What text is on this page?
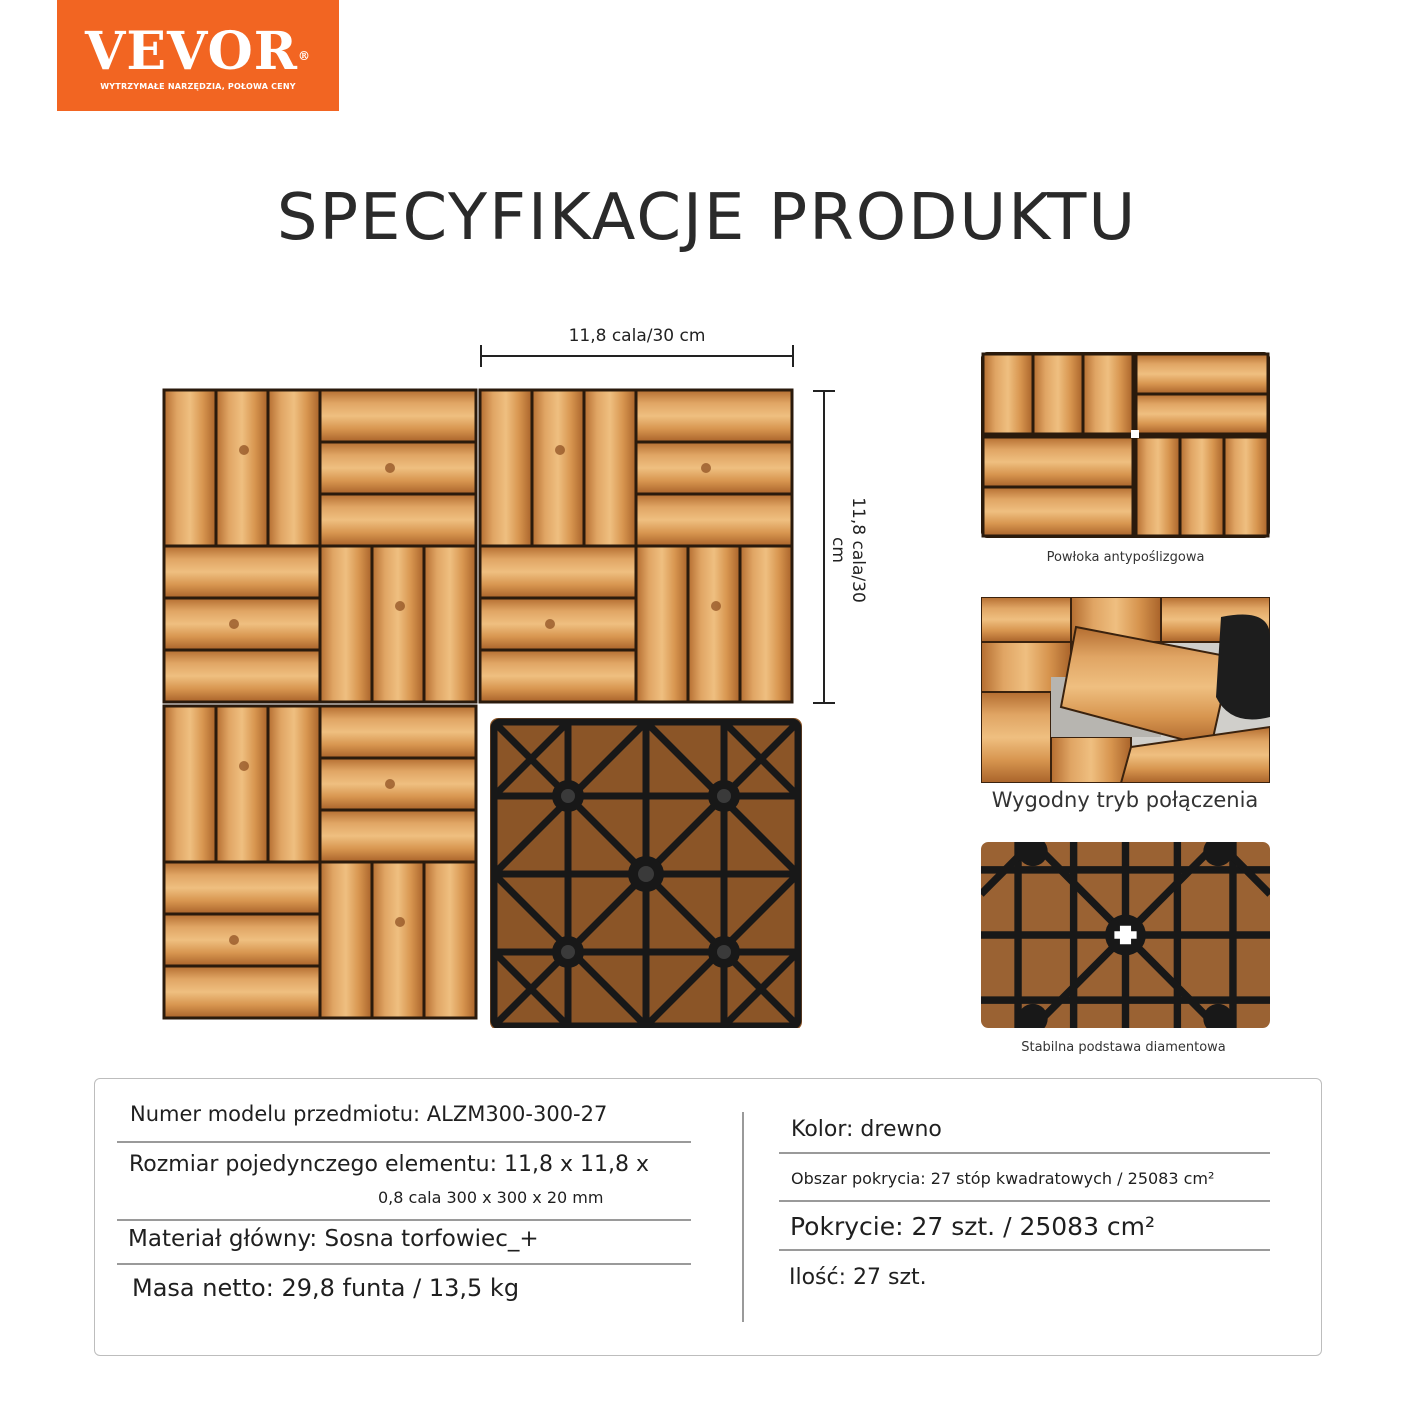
VEVOR®
WYTRZYMAŁE NARZĘDZIA, POŁOWA CENY
SPECYFIKACJE PRODUKTU
11,8 cala/30 cm
11,8 cala/30 cm	Powłoka antypoślizgowa
Wygodny tryb połączenia
Stabilna podstawa diamentowa
Numer modelu przedmiotu: ALZM300-300-27
Rozmiar pojedynczego elementu: 11,8 x 11,8 x
0,8 cala 300 x 300 x 20 mm
Materiał główny: Sosna torfowiec_+
Masa netto: 29,8 funta / 13,5 kg
Kolor: drewno
Obszar pokrycia: 27 stóp kwadratowych / 25083 cm²
Pokrycie: 27 szt. / 25083 cm²
Ilość: 27 szt.
